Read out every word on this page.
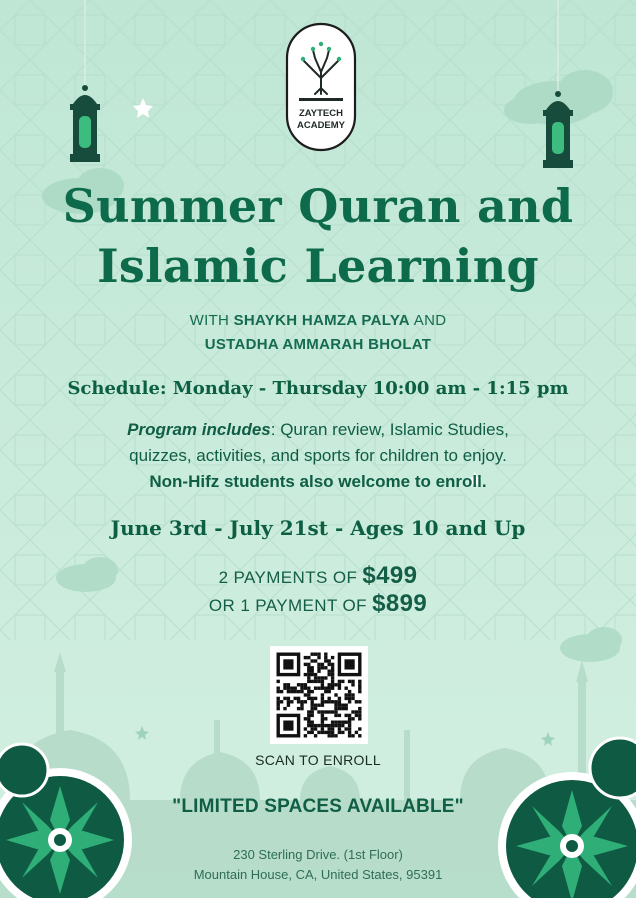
ZAYTECH
ACADEMY
Summer Quran and
Islamic Learning
WITH SHAYKH HAMZA PALYA AND
USTADHA AMMARAH BHOLAT
Schedule: Monday - Thursday 10:00 am - 1:15 pm
Program includes: Quran review, Islamic Studies,
quizzes, activities, and sports for children to enjoy.
Non-Hifz students also welcome to enroll.
June 3rd - July 21st - Ages 10 and Up
2 PAYMENTS OF $499
OR 1 PAYMENT OF $899
SCAN TO ENROLL
"LIMITED SPACES AVAILABLE"
230 Sterling Drive. (1st Floor)
Mountain House, CA, United States, 95391
